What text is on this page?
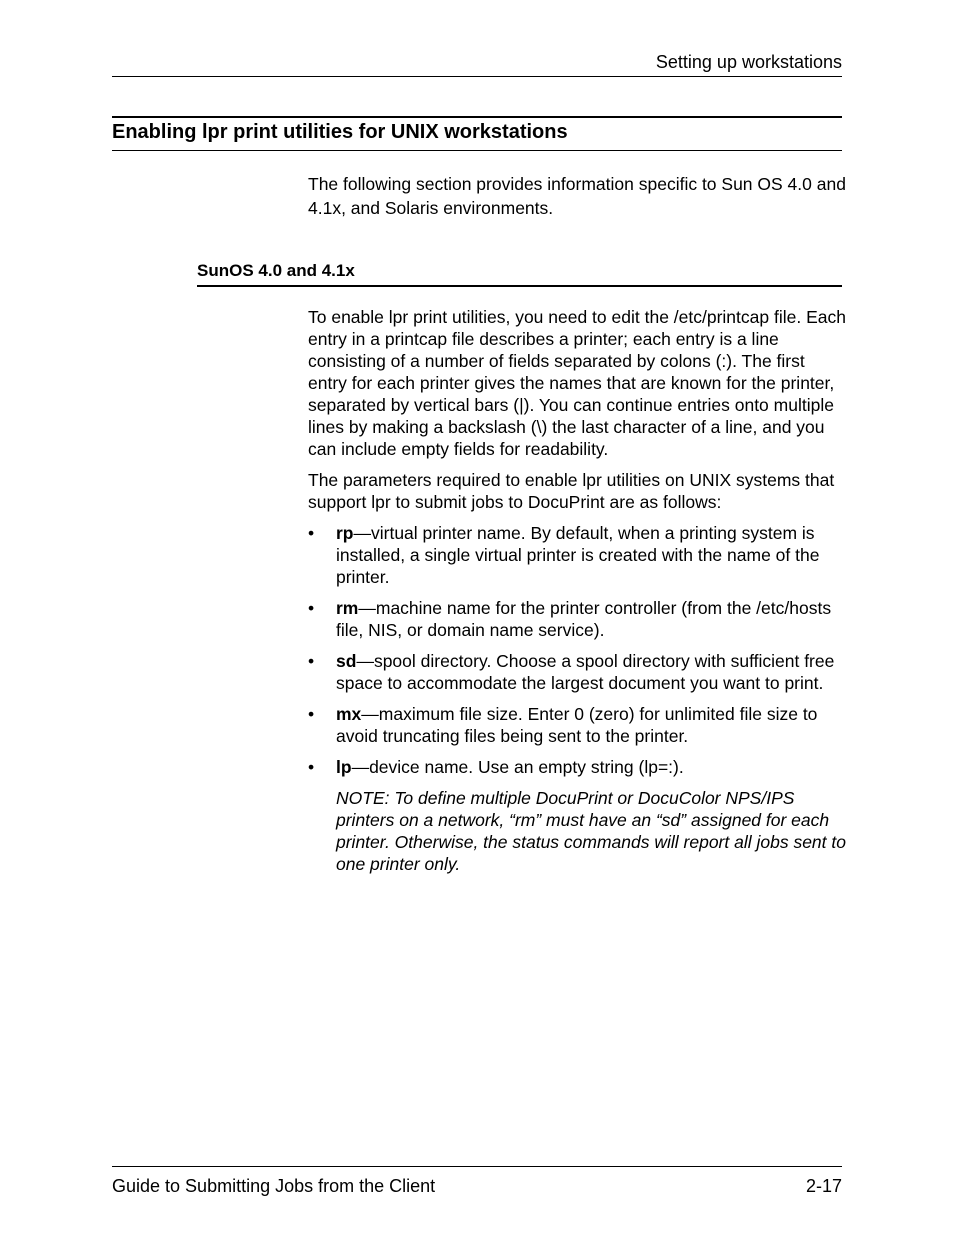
Setting up workstations
Enabling lpr print utilities for UNIX workstations

The following section provides information specific to Sun OS 4.0 and 4.1x, and Solaris environments.

SunOS 4.0 and 4.1x

To enable lpr print utilities, you need to edit the /etc/printcap file. Each entry in a printcap file describes a printer; each entry is a line consisting of a number of fields separated by colons (:). The first entry for each printer gives the names that are known for the printer, separated by vertical bars (|). You can continue entries onto multiple lines by making a backslash (\) the last character of a line, and you can include empty fields for readability.

The parameters required to enable lpr utilities on UNIX systems that support lpr to submit jobs to DocuPrint are as follows:

• rp—virtual printer name. By default, when a printing system is installed, a single virtual printer is created with the name of the printer.
• rm—machine name for the printer controller (from the /etc/hosts file, NIS, or domain name service).
• sd—spool directory. Choose a spool directory with sufficient free space to accommodate the largest document you want to print.
• mx—maximum file size. Enter 0 (zero) for unlimited file size to avoid truncating files being sent to the printer.
• lp—device name. Use an empty string (lp=:).

NOTE: To define multiple DocuPrint or DocuColor NPS/IPS printers on a network, “rm” must have an “sd” assigned for each printer. Otherwise, the status commands will report all jobs sent to one printer only.

Guide to Submitting Jobs from the Client	2-17
